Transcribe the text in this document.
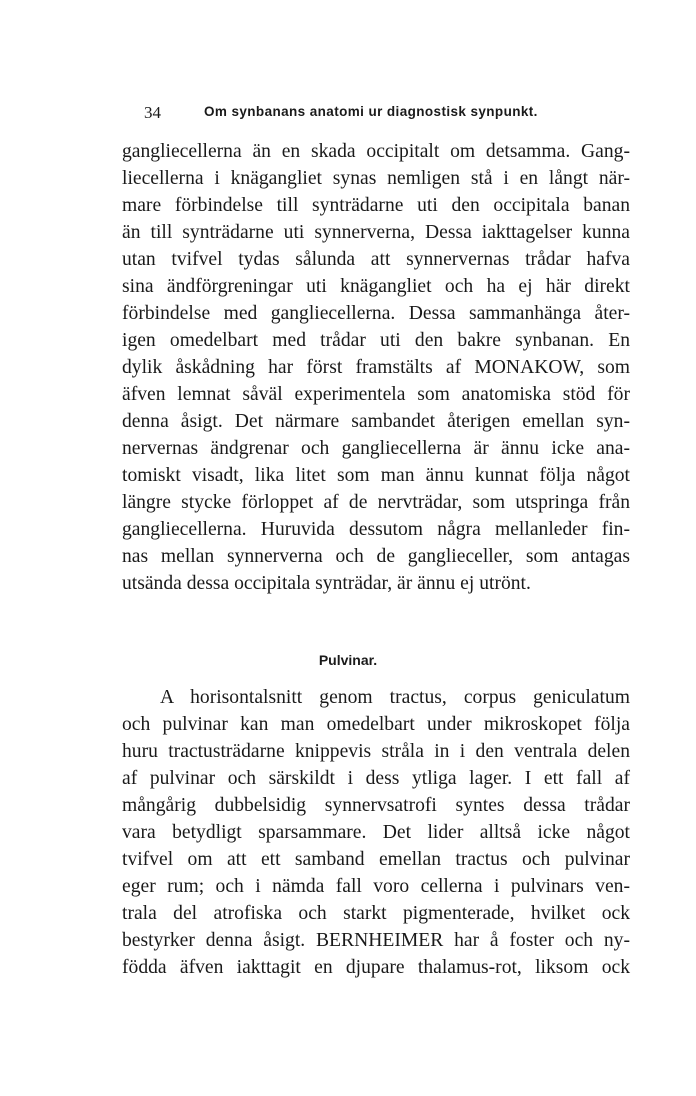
34	Om synbanans anatomi ur diagnostisk synpunkt.
gangliecellerna än en skada occipitalt om detsamma. Gang-
liecellerna i knägangliet synas nemligen stå i en långt när-
mare förbindelse till synträdarne uti den occipitala banan
än till synträdarne uti synnerverna, Dessa iakttagelser kunna
utan tvifvel tydas sålunda att synnervernas trådar hafva
sina ändförgreningar uti knägangliet och ha ej här direkt
förbindelse med gangliecellerna. Dessa sammanhänga åter-
igen omedelbart med trådar uti den bakre synbanan. En
dylik åskådning har först framstälts af MONAKOW, som
äfven lemnat såväl experimentela som anatomiska stöd för
denna åsigt. Det närmare sambandet återigen emellan syn-
nervernas ändgrenar och gangliecellerna är ännu icke ana-
tomiskt visadt, lika litet som man ännu kunnat följa något
längre stycke förloppet af de nervträdar, som utspringa från
gangliecellerna. Huruvida dessutom några mellanleder fin-
nas mellan synnerverna och de ganglieceller, som antagas
utsända dessa occipitala synträdar, är ännu ej utrönt.
Pulvinar.
A horisontalsnitt genom tractus, corpus geniculatum
och pulvinar kan man omedelbart under mikroskopet följa
huru tractusträdarne knippevis stråla in i den ventrala delen
af pulvinar och särskildt i dess ytliga lager. I ett fall af
mångårig dubbelsidig synnervsatrofi syntes dessa trådar
vara betydligt sparsammare. Det lider alltså icke något
tvifvel om att ett samband emellan tractus och pulvinar
eger rum; och i nämda fall voro cellerna i pulvinars ven-
trala del atrofiska och starkt pigmenterade, hvilket ock
bestyrker denna åsigt. BERNHEIMER har å foster och ny-
födda äfven iakttagit en djupare thalamus-rot, liksom ock
